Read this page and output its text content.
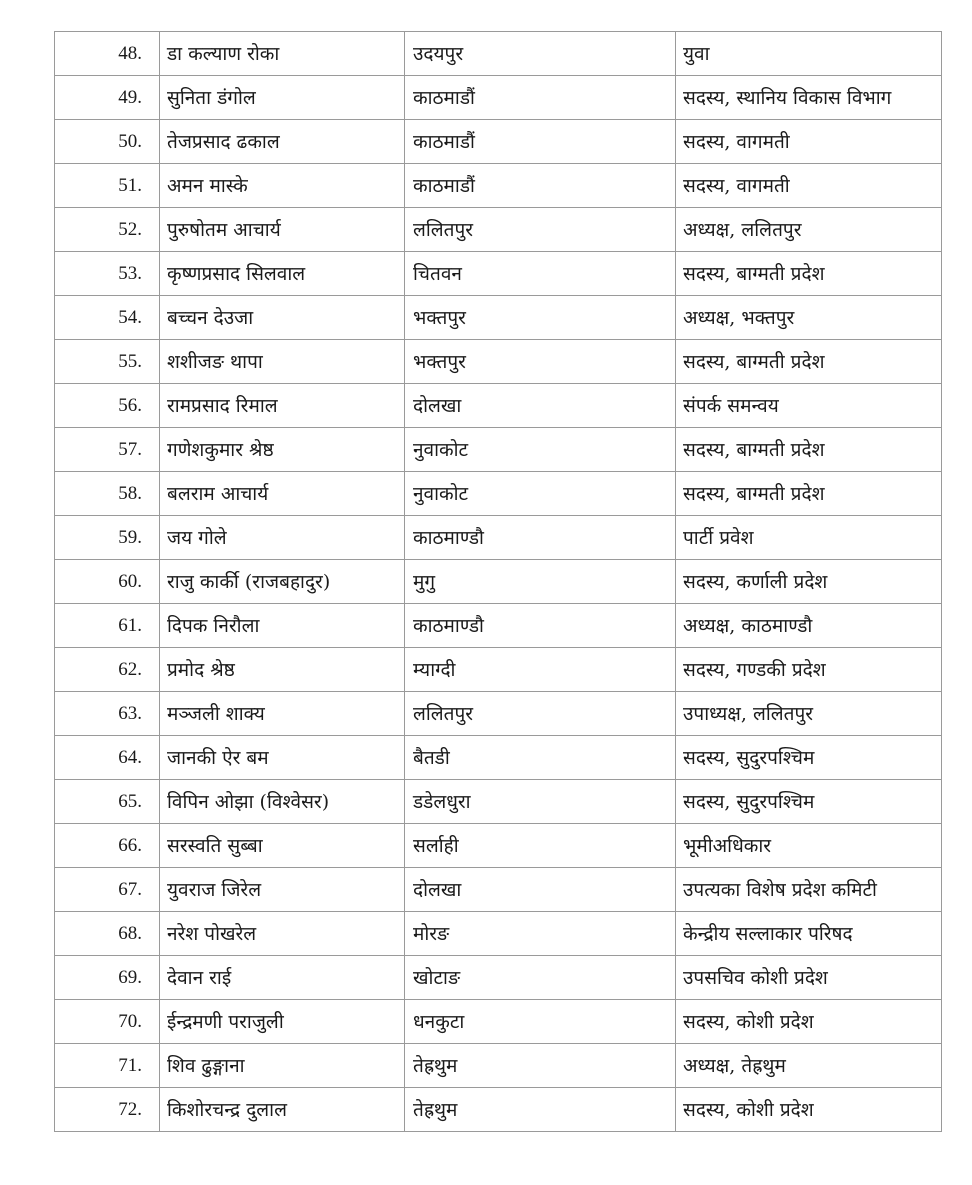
48.	डा कल्याण रोका	उदयपुर	युवा
49.	सुनिता डंगोल	काठमाडौं	सदस्य, स्थानिय विकास विभाग
50.	तेजप्रसाद ढकाल	काठमाडौं	सदस्य, वागमती
51.	अमन मास्के	काठमाडौं	सदस्य, वागमती
52.	पुरुषोतम आचार्य	ललितपुर	अध्यक्ष, ललितपुर
53.	कृष्णप्रसाद सिलवाल	चितवन	सदस्य, बाग्मती प्रदेश
54.	बच्चन देउजा	भक्तपुर	अध्यक्ष, भक्तपुर
55.	शशीजङ थापा	भक्तपुर	सदस्य, बाग्मती प्रदेश
56.	रामप्रसाद रिमाल	दोलखा	संपर्क समन्वय
57.	गणेशकुमार श्रेष्ठ	नुवाकोट	सदस्य, बाग्मती प्रदेश
58.	बलराम आचार्य	नुवाकोट	सदस्य, बाग्मती प्रदेश
59.	जय गोले	काठमाण्डौ	पार्टी प्रवेश
60.	राजु कार्की (राजबहादुर)	मुगु	सदस्य, कर्णाली प्रदेश
61.	दिपक निरौला	काठमाण्डौ	अध्यक्ष, काठमाण्डौ
62.	प्रमोद श्रेष्ठ	म्याग्दी	सदस्य, गण्डकी प्रदेश
63.	मञ्जली शाक्य	ललितपुर	उपाध्यक्ष, ललितपुर
64.	जानकी ऐर बम	बैतडी	सदस्य, सुदुरपश्चिम
65.	विपिन ओझा (विश्वेसर)	डडेलधुरा	सदस्य, सुदुरपश्चिम
66.	सरस्वति सुब्बा	सर्लाही	भूमीअधिकार
67.	युवराज जिरेल	दोलखा	उपत्यका विशेष प्रदेश कमिटी
68.	नरेश पोखरेल	मोरङ	केन्द्रीय सल्लाकार परिषद
69.	देवान राई	खोटाङ	उपसचिव कोशी प्रदेश
70.	ईन्द्रमणी पराजुली	धनकुटा	सदस्य, कोशी प्रदेश
71.	शिव ढुङ्गाना	तेह्रथुम	अध्यक्ष, तेह्रथुम
72.	किशोरचन्द्र दुलाल	तेह्रथुम	सदस्य, कोशी प्रदेश
